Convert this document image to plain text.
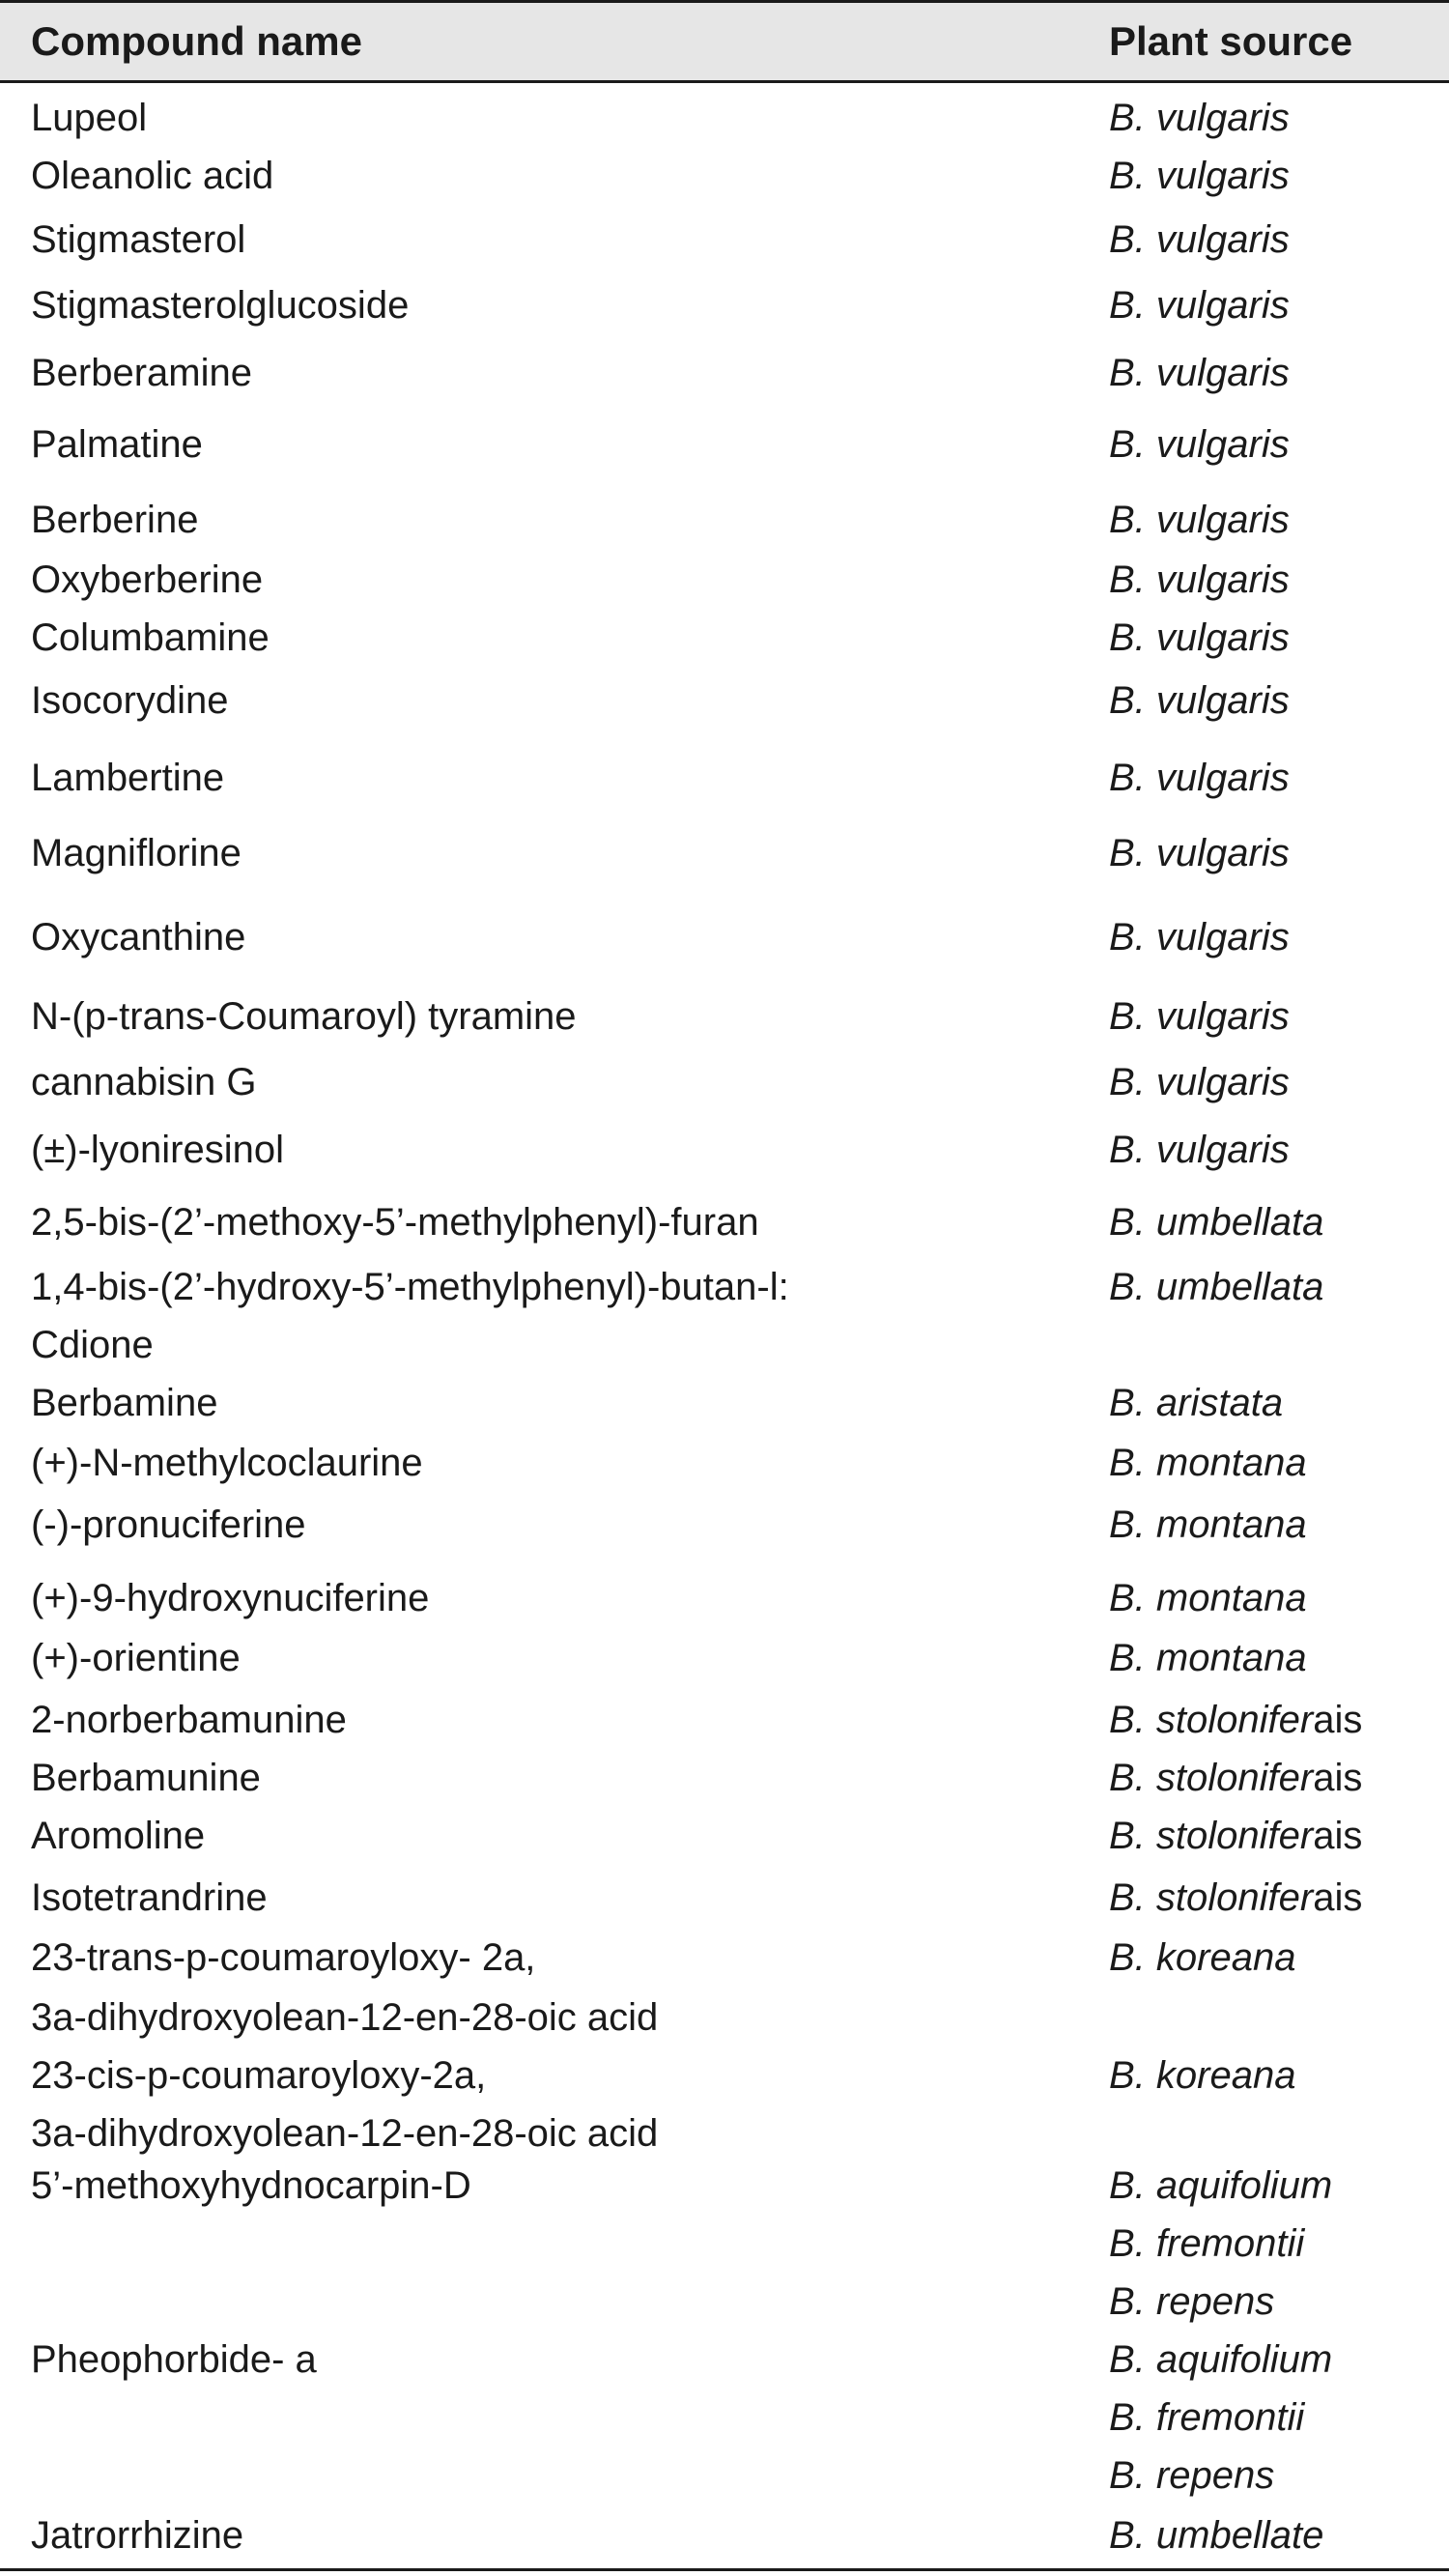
Compound name	Plant source
Lupeol	B. vulgaris
Oleanolic acid	B. vulgaris
Stigmasterol	B. vulgaris
Stigmasterolglucoside	B. vulgaris
Berberamine	B. vulgaris
Palmatine	B. vulgaris
Berberine	B. vulgaris
Oxyberberine	B. vulgaris
Columbamine	B. vulgaris
Isocorydine	B. vulgaris
Lambertine	B. vulgaris
Magniflorine	B. vulgaris
Oxycanthine	B. vulgaris
N-(p-trans-Coumaroyl) tyramine	B. vulgaris
cannabisin G	B. vulgaris
(±)-lyoniresinol	B. vulgaris
2,5-bis-(2’-methoxy-5’-methylphenyl)-furan	B. umbellata
1,4-bis-(2’-hydroxy-5’-methylphenyl)-butan-l:	B. umbellata
Cdione
Berbamine	B. aristata
(+)-N-methylcoclaurine	B. montana
(-)-pronuciferine	B. montana
(+)-9-hydroxynuciferine	B. montana
(+)-orientine	B. montana
2-norberbamunine	B. stoloniferais
Berbamunine	B. stoloniferais
Aromoline	B. stoloniferais
Isotetrandrine	B. stoloniferais
23-trans-p-coumaroyloxy- 2a,	B. koreana
3a-dihydroxyolean-12-en-28-oic acid
23-cis-p-coumaroyloxy-2a,	B. koreana
3a-dihydroxyolean-12-en-28-oic acid
5’-methoxyhydnocarpin-D	B. aquifolium
B. fremontii
B. repens
Pheophorbide- a	B. aquifolium
B. fremontii
B. repens
Jatrorrhizine	B. umbellate
